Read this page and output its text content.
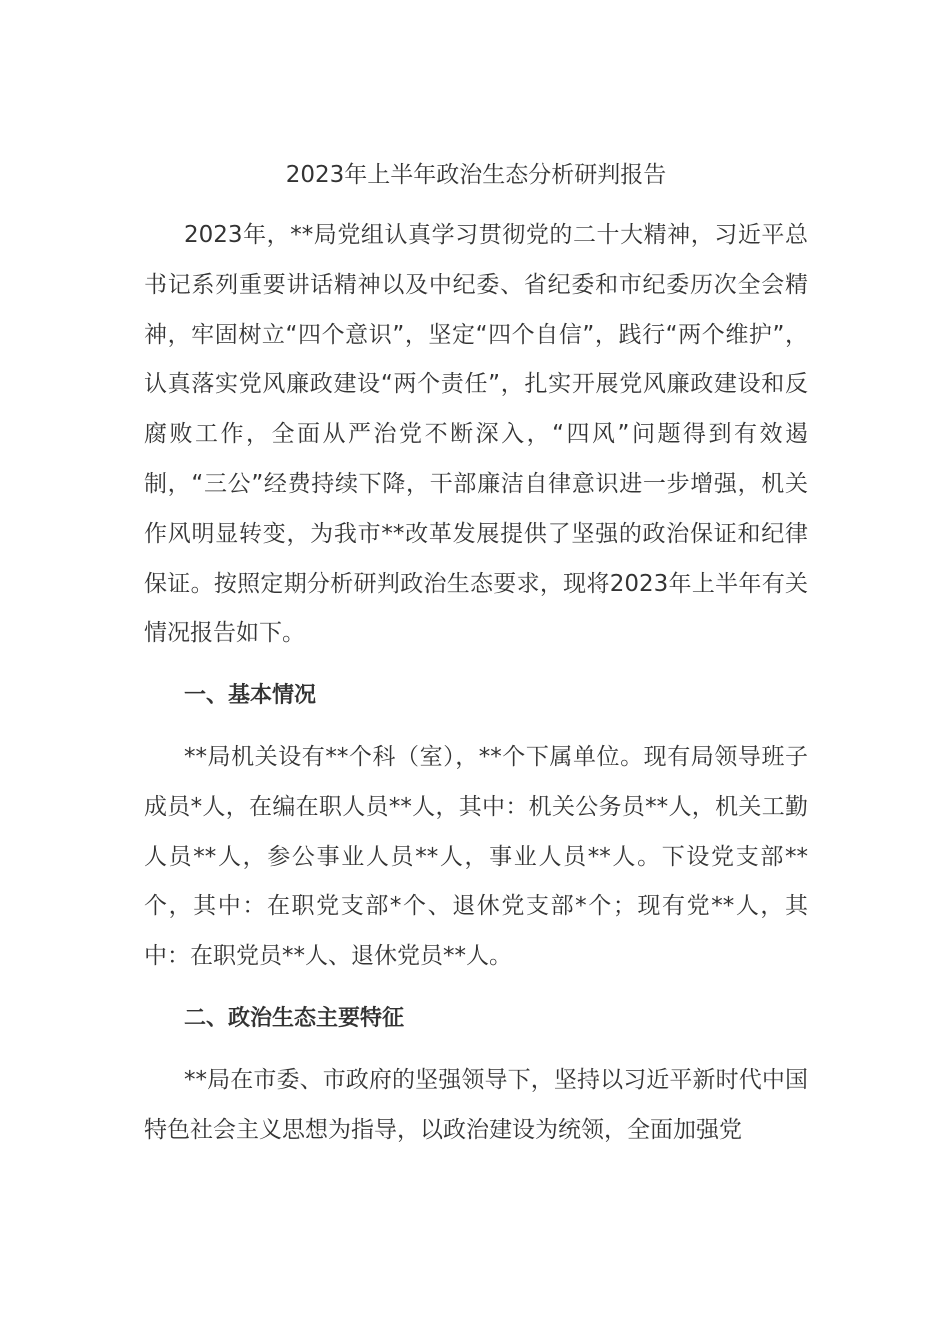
2023年上半年政治生态分析研判报告

2023年，**局党组认真学习贯彻党的二十大精神，习近平总书记系列重要讲话精神以及中纪委、省纪委和市纪委历次全会精神，牢固树立“四个意识”，坚定“四个自信”，践行“两个维护”，认真落实党风廉政建设“两个责任”，扎实开展党风廉政建设和反腐败工作，全面从严治党不断深入，“四风”问题得到有效遏制，“三公”经费持续下降，干部廉洁自律意识进一步增强，机关作风明显转变，为我市**改革发展提供了坚强的政治保证和纪律保证。按照定期分析研判政治生态要求，现将2023年上半年有关情况报告如下。

一、基本情况

**局机关设有**个科（室），**个下属单位。现有局领导班子成员*人，在编在职人员**人，其中：机关公务员**人，机关工勤人员**人，参公事业人员**人，事业人员**人。下设党支部**个，其中：在职党支部*个、退休党支部*个；现有党**人，其中：在职党员**人、退休党员**人。

二、政治生态主要特征

**局在市委、市政府的坚强领导下，坚持以习近平新时代中国特色社会主义思想为指导，以政治建设为统领，全面加强党
